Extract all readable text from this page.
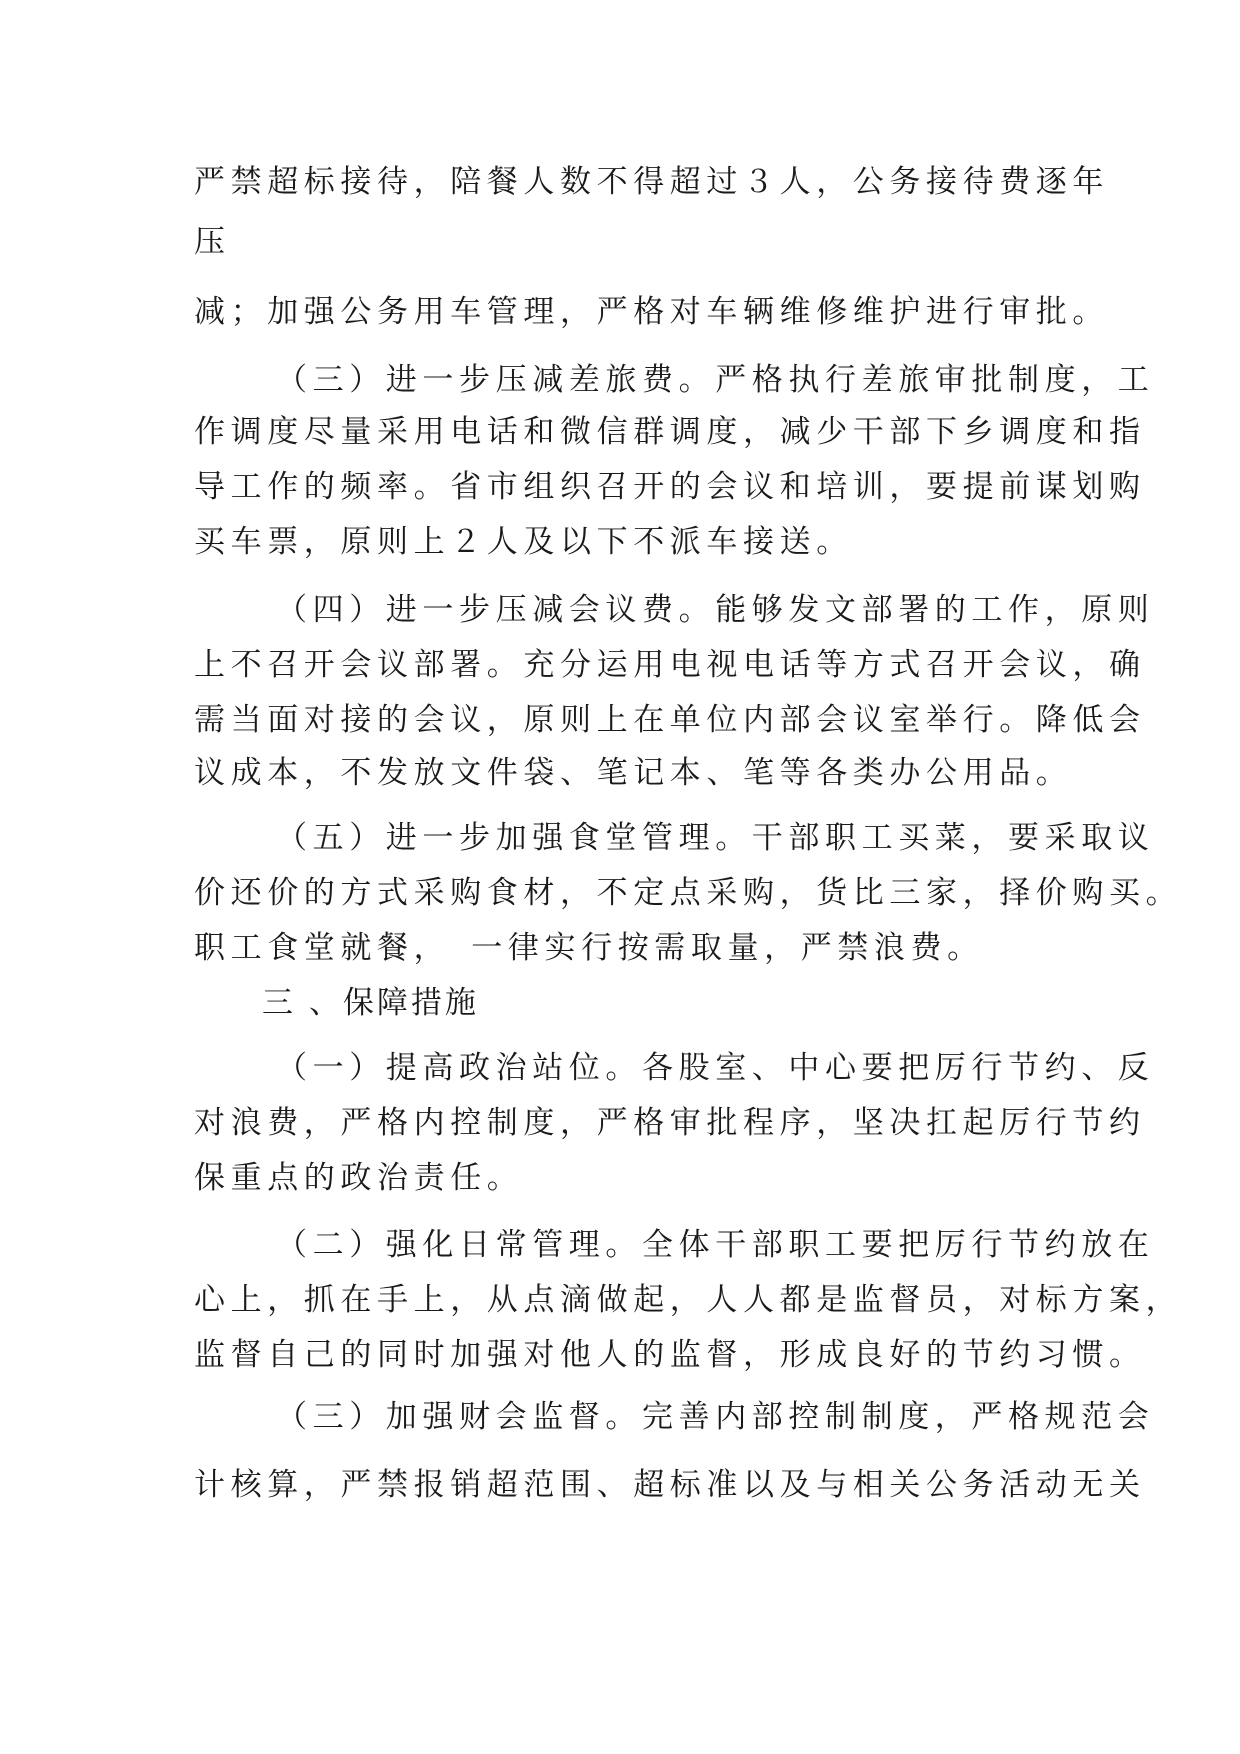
严禁超标接待，陪餐人数不得超过３人，公务接待费逐年

压

减；加强公务用车管理，严格对车辆维修维护进行审批。

（三）进一步压减差旅费。严格执行差旅审批制度，工

作调度尽量采用电话和微信群调度，减少干部下乡调度和指

导工作的频率。省市组织召开的会议和培训，要提前谋划购

买车票，原则上２人及以下不派车接送。

（四）进一步压减会议费。能够发文部署的工作，原则

上不召开会议部署。充分运用电视电话等方式召开会议，确

需当面对接的会议，原则上在单位内部会议室举行。降低会

议成本，不发放文件袋、笔记本、笔等各类办公用品。

（五）进一步加强食堂管理。干部职工买菜，要采取议

价还价的方式采购食材，不定点采购，货比三家，择价购买。

职工食堂就餐，　一律实行按需取量，严禁浪费。

三 、保障措施

（一）提高政治站位。各股室、中心要把厉行节约、反

对浪费，严格内控制度，严格审批程序，坚决扛起厉行节约

保重点的政治责任。

（二）强化日常管理。全体干部职工要把厉行节约放在

心上，抓在手上，从点滴做起，人人都是监督员，对标方案，

监督自己的同时加强对他人的监督，形成良好的节约习惯。

（三）加强财会监督。完善内部控制制度，严格规范会

计核算，严禁报销超范围、超标准以及与相关公务活动无关
